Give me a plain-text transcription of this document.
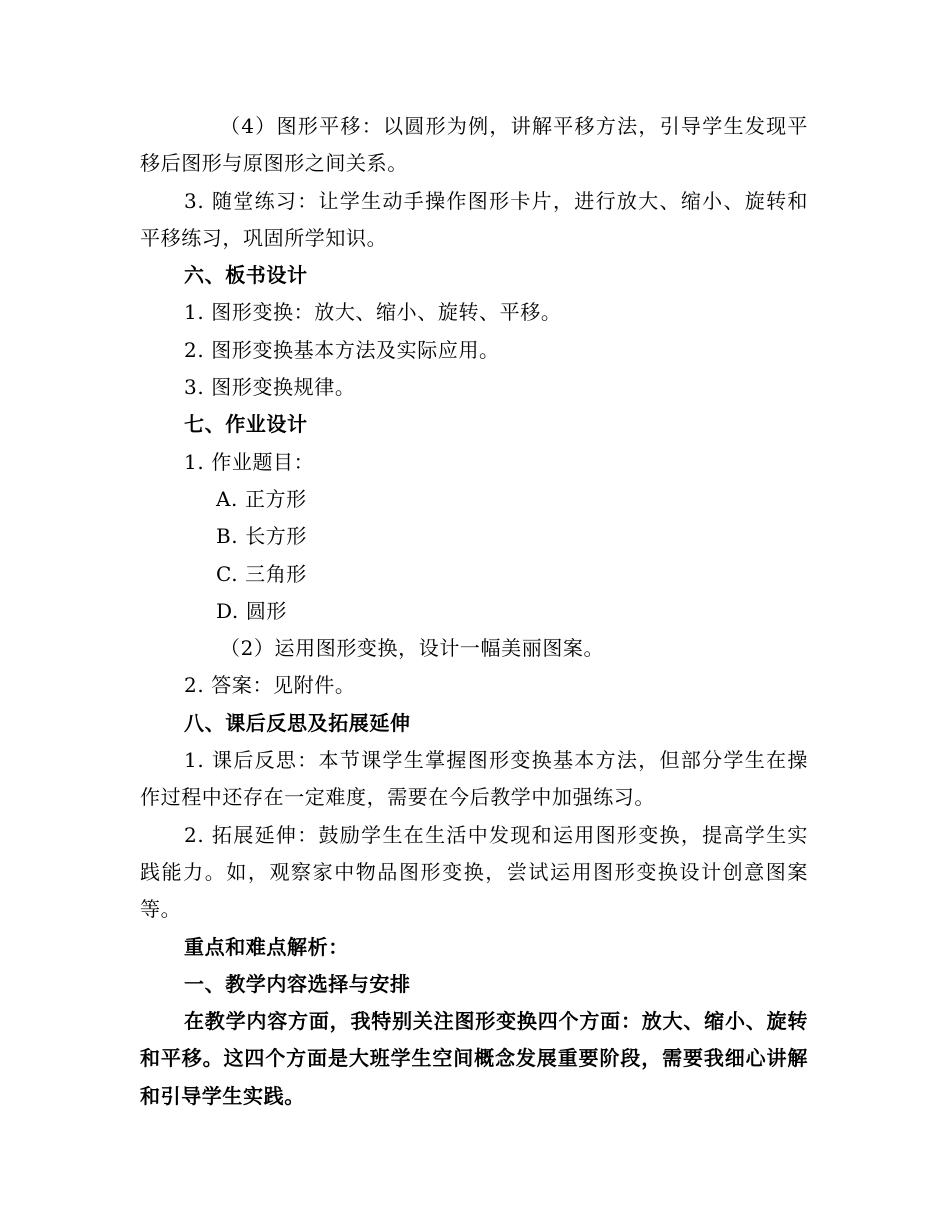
（4）图形平移：以圆形为例，讲解平移方法，引导学生发现平移后图形与原图形之间关系。

3. 随堂练习：让学生动手操作图形卡片，进行放大、缩小、旋转和平移练习，巩固所学知识。

六、板书设计

1. 图形变换：放大、缩小、旋转、平移。

2. 图形变换基本方法及实际应用。

3. 图形变换规律。

七、作业设计

1. 作业题目：

A. 正方形

B. 长方形

C. 三角形

D. 圆形

（2）运用图形变换，设计一幅美丽图案。

2. 答案：见附件。

八、课后反思及拓展延伸

1. 课后反思：本节课学生掌握图形变换基本方法，但部分学生在操作过程中还存在一定难度，需要在今后教学中加强练习。

2. 拓展延伸：鼓励学生在生活中发现和运用图形变换，提高学生实践能力。如，观察家中物品图形变换，尝试运用图形变换设计创意图案等。

重点和难点解析：

一、教学内容选择与安排

在教学内容方面，我特别关注图形变换四个方面：放大、缩小、旋转和平移。这四个方面是大班学生空间概念发展重要阶段，需要我细心讲解和引导学生实践。
